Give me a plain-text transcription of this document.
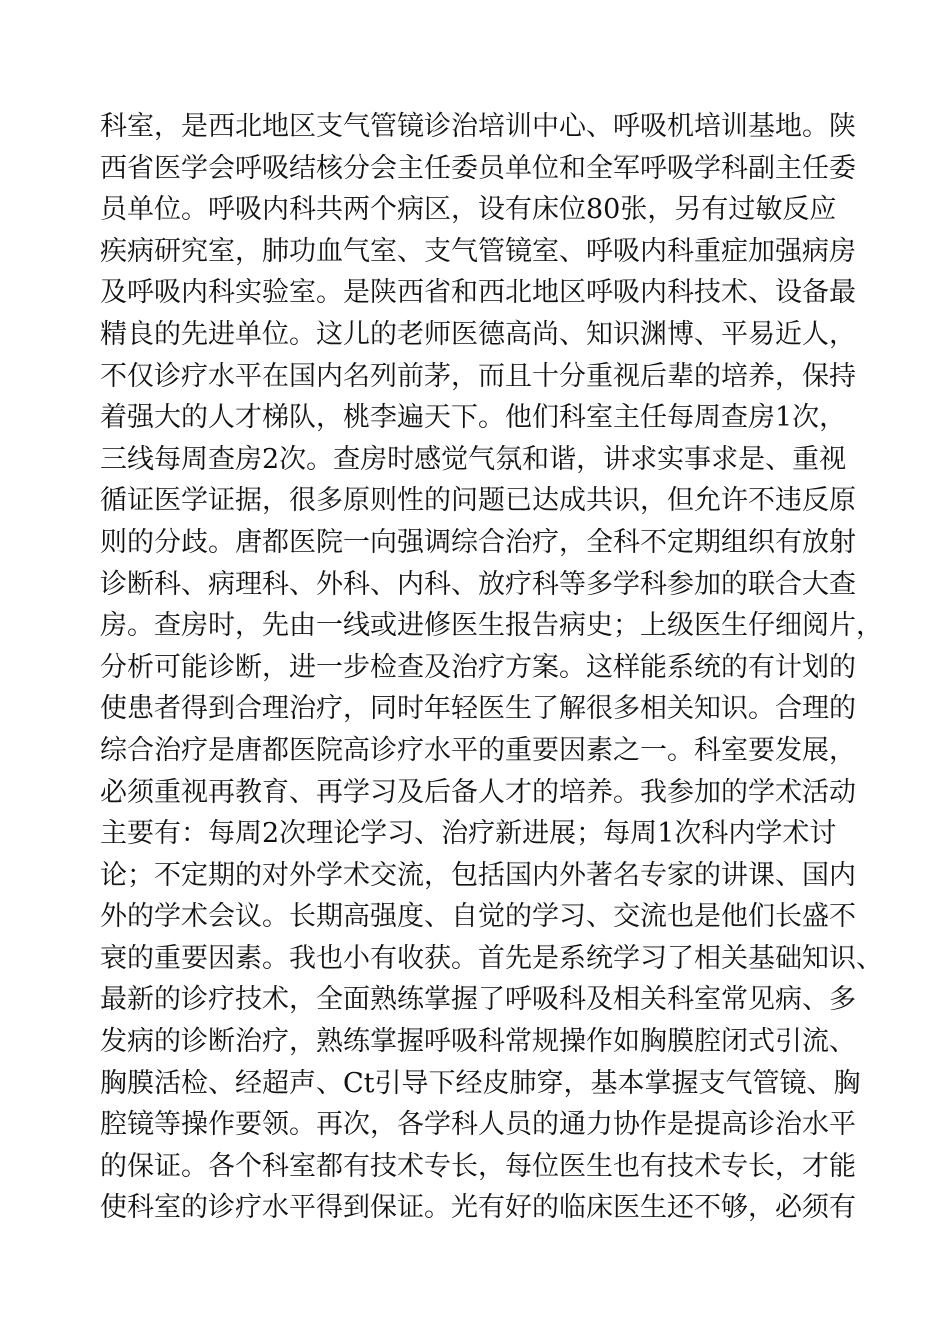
科室，是西北地区支气管镜诊治培训中心、呼吸机培训基地。陕
西省医学会呼吸结核分会主任委员单位和全军呼吸学科副主任委
员单位。呼吸内科共两个病区，设有床位80张，另有过敏反应
疾病研究室，肺功血气室、支气管镜室、呼吸内科重症加强病房
及呼吸内科实验室。是陕西省和西北地区呼吸内科技术、设备最
精良的先进单位。这儿的老师医德高尚、知识渊博、平易近人，
不仅诊疗水平在国内名列前茅，而且十分重视后辈的培养，保持
着强大的人才梯队，桃李遍天下。他们科室主任每周查房1次，
三线每周查房2次。查房时感觉气氛和谐，讲求实事求是、重视
循证医学证据，很多原则性的问题已达成共识，但允许不违反原
则的分歧。唐都医院一向强调综合治疗，全科不定期组织有放射
诊断科、病理科、外科、内科、放疗科等多学科参加的联合大查
房。查房时，先由一线或进修医生报告病史；上级医生仔细阅片，
分析可能诊断，进一步检查及治疗方案。这样能系统的有计划的
使患者得到合理治疗，同时年轻医生了解很多相关知识。合理的
综合治疗是唐都医院高诊疗水平的重要因素之一。科室要发展，
必须重视再教育、再学习及后备人才的培养。我参加的学术活动
主要有：每周2次理论学习、治疗新进展；每周1次科内学术讨
论；不定期的对外学术交流，包括国内外著名专家的讲课、国内
外的学术会议。长期高强度、自觉的学习、交流也是他们长盛不
衰的重要因素。我也小有收获。首先是系统学习了相关基础知识、
最新的诊疗技术，全面熟练掌握了呼吸科及相关科室常见病、多
发病的诊断治疗，熟练掌握呼吸科常规操作如胸膜腔闭式引流、
胸膜活检、经超声、Ct引导下经皮肺穿，基本掌握支气管镜、胸
腔镜等操作要领。再次，各学科人员的通力协作是提高诊治水平
的保证。各个科室都有技术专长，每位医生也有技术专长，才能
使科室的诊疗水平得到保证。光有好的临床医生还不够，必须有
